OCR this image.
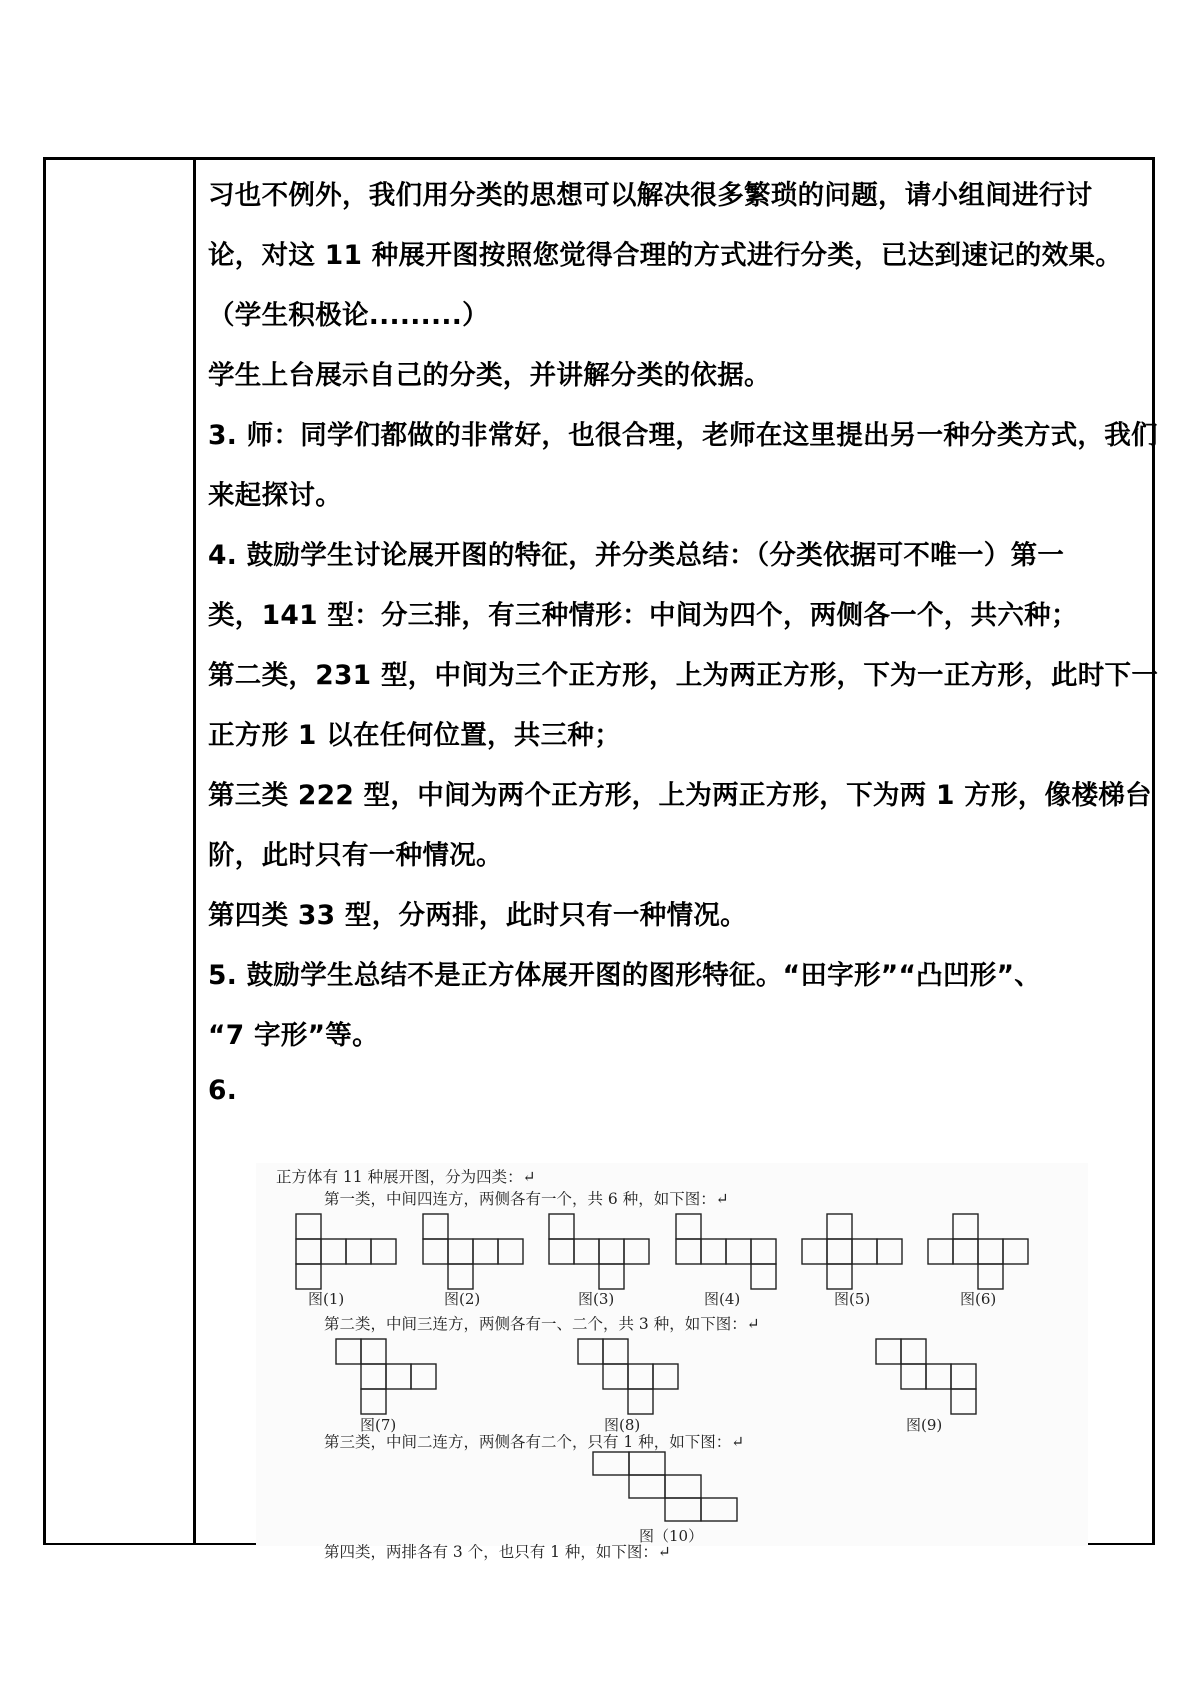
习也不例外，我们用分类的思想可以解决很多繁琐的问题，请小组间进行讨
论，对这 11 种展开图按照您觉得合理的方式进行分类，已达到速记的效果。
（学生积极论.........）
学生上台展示自己的分类，并讲解分类的依据。
3. 师：同学们都做的非常好，也很合理，老师在这里提出另一种分类方式，我们
来起探讨。
4. 鼓励学生讨论展开图的特征，并分类总结：（分类依据可不唯一）第一
类，141 型：分三排，有三种情形：中间为四个，两侧各一个，共六种；
第二类，231 型，中间为三个正方形，上为两正方形，下为一正方形，此时下一
正方形 1 以在任何位置，共三种；
第三类 222 型，中间为两个正方形，上为两正方形，下为两 1 方形，像楼梯台
阶，此时只有一种情况。
第四类 33 型，分两排，此时只有一种情况。
5. 鼓励学生总结不是正方体展开图的图形特征。“田字形”“凸凹形”、
“7 字形”等。
6.
正方体有 11 种展开图，分为四类：↵
第一类，中间四连方，两侧各有一个，共 6 种，如下图：↵
图(1)	图(2)	图(3)	图(4)	图(5)	图(6)
第二类，中间三连方，两侧各有一、二个，共 3 种，如下图：↵
图(7)	图(8)	图(9)
第三类，中间二连方，两侧各有二个，只有 1 种，如下图：↵
图（10）
第四类，两排各有 3 个，也只有 1 种，如下图：↵
